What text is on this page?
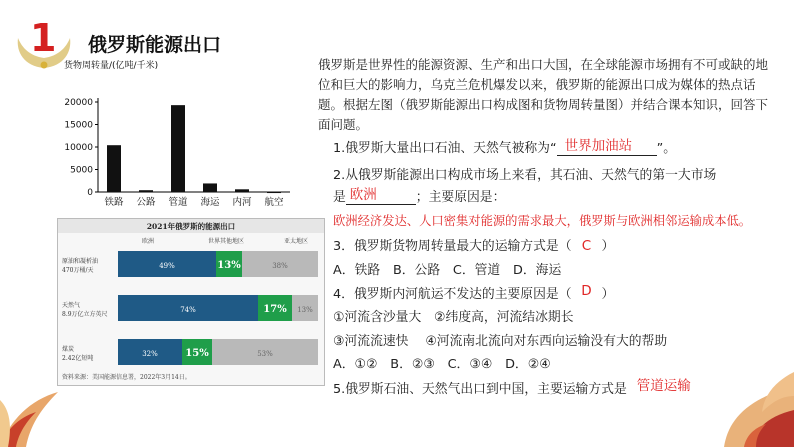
1 俄罗斯能源出口
货物周转量/(亿吨/千米)
0
5000
10000
15000
20000
铁路 公路 管道 海运 内河 航空
2021年俄罗斯的能源出口
欧洲	世界其他地区	亚太地区
原油和凝析油
470万桶/天
49%	13%	38%
天然气
8.9万亿立方英尺
74%	17% 13%
煤炭
2.42亿短吨
32%	15%	53%
资料来源：美国能源信息署，2022年3月14日。
俄罗斯是世界性的能源资源、生产和出口大国，在全球能源市场拥有不可或缺的地位和巨大的影响力，乌克兰危机爆发以来，俄罗斯的能源出口成为媒体的热点话题。根据左图（俄罗斯能源出口构成图和货物周转量图）并结合课本知识，回答下面问题。
1.俄罗斯大量出口石油、天然气被称为“ 世界加油站 ”。
2.从俄罗斯能源出口构成市场上来看，其石油、天然气的第一大市场
是 欧洲	；主要原因是：
欧洲经济发达、人口密集对能源的需求最大，俄罗斯与欧洲相邻运输成本低。
3．俄罗斯货物周转量最大的运输方式是（ C ）
A．铁路　B．公路　C．管道　D．海运
4．俄罗斯内河航运不发达的主要原因是（ D ）
①河流含沙量大　②纬度高，河流结冰期长
③河流流速快　 ④河流南北流向对东西向运输没有大的帮助
A．①②　B．②③　C．③④　D．②④
5.俄罗斯石油、天然气出口到中国，主要运输方式是 管道运输
